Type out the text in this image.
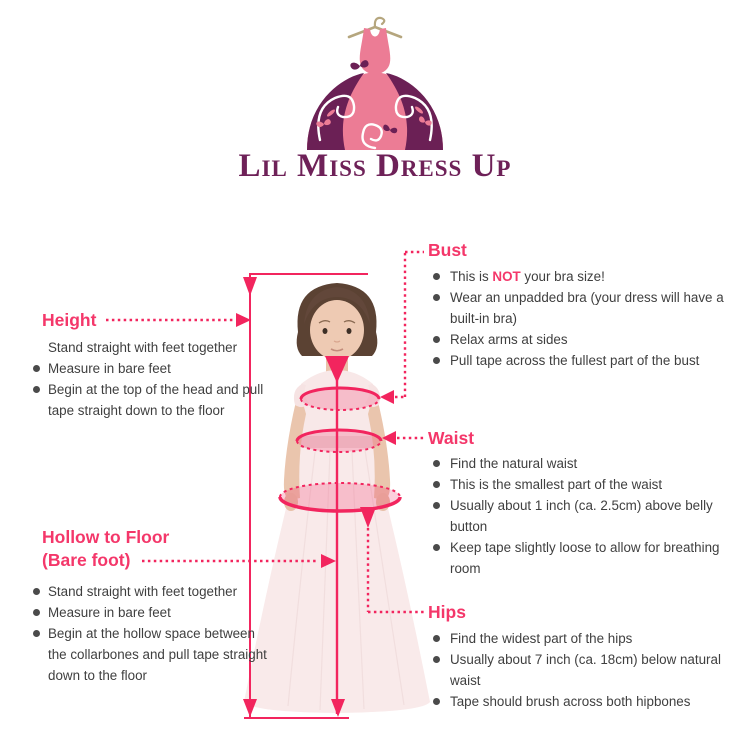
Lil Miss Dress Up
Height
Stand straight with feet together
Measure in bare feet
Begin at the top of the head and pull tape straight down to the floor
Hollow to Floor
(Bare foot)
Stand straight with feet together
Measure in bare feet
Begin at the hollow space between the collarbones and pull tape straight down to the floor
Bust
This is NOT your bra size!
Wear an unpadded bra (your dress will have a built-in bra)
Relax arms at sides
Pull tape across the fullest part of the bust
Waist
Find the natural waist
This is the smallest part of the waist
Usually about 1 inch (ca. 2.5cm) above belly button
Keep tape slightly loose to allow for breathing room
Hips
Find the widest part of the hips
Usually about 7 inch (ca. 18cm) below natural waist
Tape should brush across both hipbones
